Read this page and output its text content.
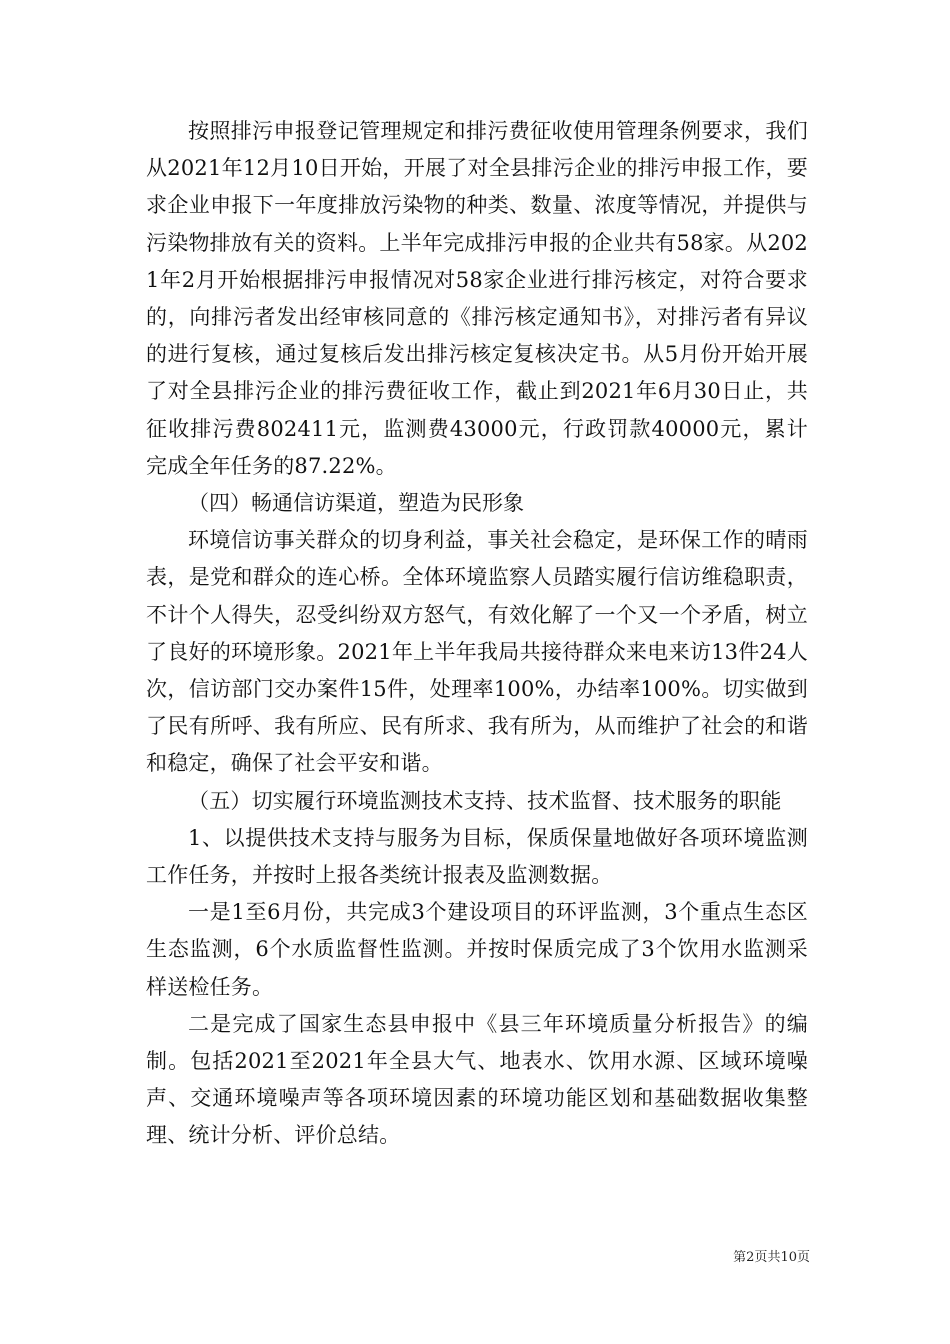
按照排污申报登记管理规定和排污费征收使用管理条例要求，我们从2021年12月10日开始，开展了对全县排污企业的排污申报工作，要求企业申报下一年度排放污染物的种类、数量、浓度等情况，并提供与污染物排放有关的资料。上半年完成排污申报的企业共有58家。从2021年2月开始根据排污申报情况对58家企业进行排污核定，对符合要求的，向排污者发出经审核同意的《排污核定通知书》，对排污者有异议的进行复核，通过复核后发出排污核定复核决定书。从5月份开始开展了对全县排污企业的排污费征收工作，截止到2021年6月30日止，共征收排污费802411元，监测费43000元，行政罚款40000元，累计完成全年任务的87.22%。

（四）畅通信访渠道，塑造为民形象

环境信访事关群众的切身利益，事关社会稳定，是环保工作的晴雨表，是党和群众的连心桥。全体环境监察人员踏实履行信访维稳职责，不计个人得失，忍受纠纷双方怒气，有效化解了一个又一个矛盾，树立了良好的环境形象。2021年上半年我局共接待群众来电来访13件24人次，信访部门交办案件15件，处理率100%，办结率100%。切实做到了民有所呼、我有所应、民有所求、我有所为，从而维护了社会的和谐和稳定，确保了社会平安和谐。

（五）切实履行环境监测技术支持、技术监督、技术服务的职能

1、以提供技术支持与服务为目标，保质保量地做好各项环境监测工作任务，并按时上报各类统计报表及监测数据。

一是1至6月份，共完成3个建设项目的环评监测，3个重点生态区生态监测，6个水质监督性监测。并按时保质完成了3个饮用水监测采样送检任务。

二是完成了国家生态县申报中《县三年环境质量分析报告》的编制。包括2021至2021年全县大气、地表水、饮用水源、区域环境噪声、交通环境噪声等各项环境因素的环境功能区划和基础数据收集整理、统计分析、评价总结。

第2页共10页
